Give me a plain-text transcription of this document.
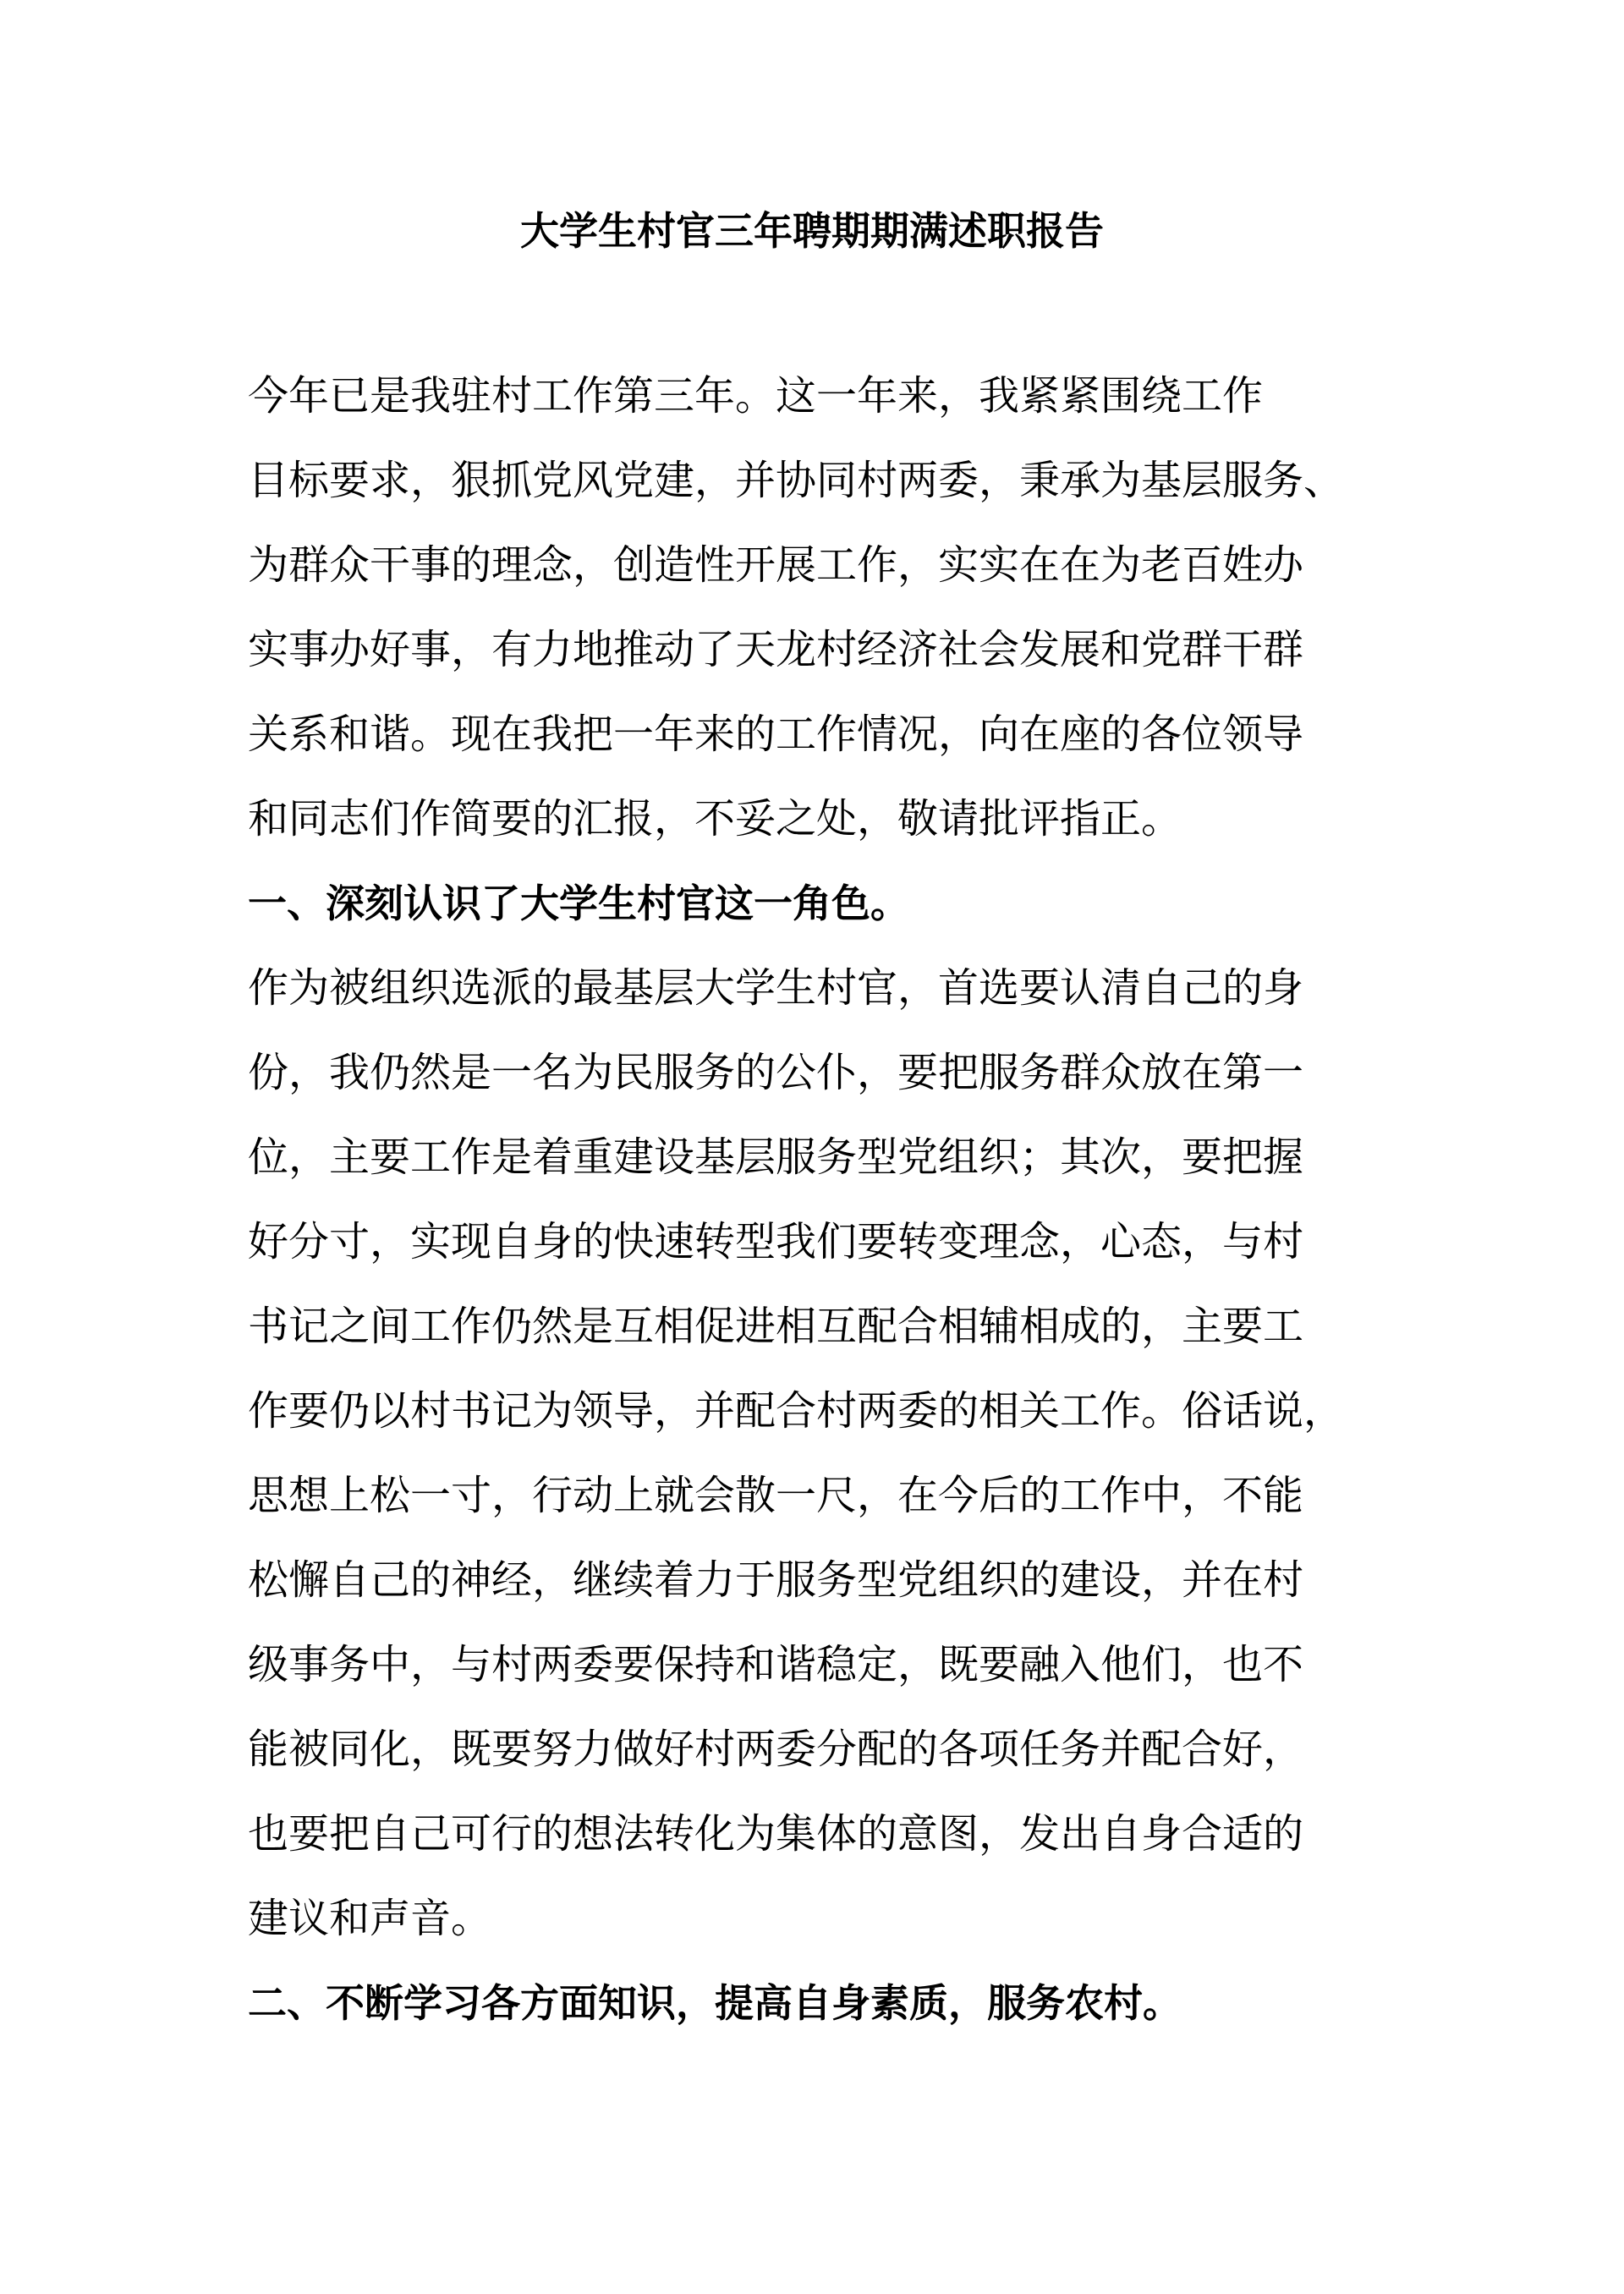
大学生村官三年聘期期满述职报告
今年已是我驻村工作第三年。这一年来，我紧紧围绕工作
目标要求，狠抓党风党建，并协同村两委，秉承为基层服务、
为群众干事的理念，创造性开展工作，实实在在为老百姓办
实事办好事，有力地推动了天龙村经济社会发展和党群干群
关系和谐。现在我把一年来的工作情况，向在座的各位领导
和同志们作简要的汇报，不妥之处，敬请批评指正。
一、深刻认识了大学生村官这一角色。
作为被组织选派的最基层大学生村官，首选要认清自己的身
份，我仍然是一名为民服务的公仆，要把服务群众放在第一
位，主要工作是着重建设基层服务型党组织；其次，要把握
好分寸，实现自身的快速转型我们要转变理念，心态，与村
书记之间工作仍然是互相促进相互配合相辅相成的，主要工
作要仍以村书记为领导，并配合村两委的相关工作。俗话说，
思想上松一寸，行动上就会散一尺，在今后的工作中，不能
松懈自己的神经，继续着力于服务型党组织的建设，并在村
级事务中，与村两委要保持和谐稳定，既要融入他们，也不
能被同化，既要努力做好村两委分配的各项任务并配合好，
也要把自己可行的想法转化为集体的意图，发出自身合适的
建议和声音。
二、不断学习各方面知识，提高自身素质，服务农村。
